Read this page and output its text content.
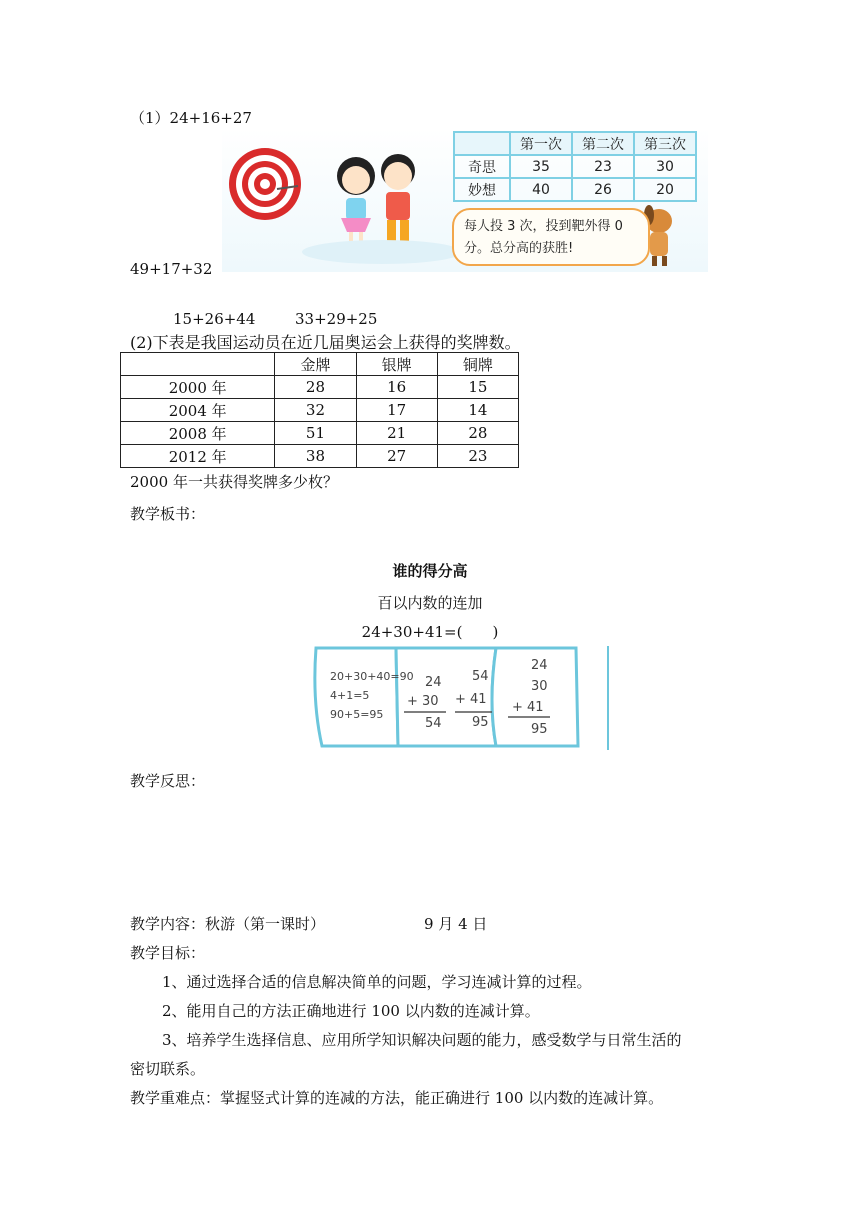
（1）24+16+27
	第一次	第二次	第三次
奇思	35	23	30
妙想	40	26	20
每人投 3 次，投到靶外得 0 分。总分高的获胜!
49+17+32
15+26+44	33+29+25
(2)下表是我国运动员在近几届奥运会上获得的奖牌数。
	金牌	银牌	铜牌
2000 年	28	16	15
2004 年	32	17	14
2008 年	51	21	28
2012 年	38	27	23
2000 年一共获得奖牌多少枚？
教学板书：
谁的得分高
百以内数的连加
24+30+41=(　　)
20+30+40=90
4+1=5
90+5=95
24
+ 30
54
54
+ 41
95
24
30
+ 41
95
教学反思：
教学内容：秋游（第一课时）	9 月 4 日
教学目标：
1、通过选择合适的信息解决简单的问题，学习连减计算的过程。
2、能用自己的方法正确地进行 100 以内数的连减计算。
3、培养学生选择信息、应用所学知识解决问题的能力，感受数学与日常生活的
密切联系。
教学重难点：掌握竖式计算的连减的方法，能正确进行 100 以内数的连减计算。
